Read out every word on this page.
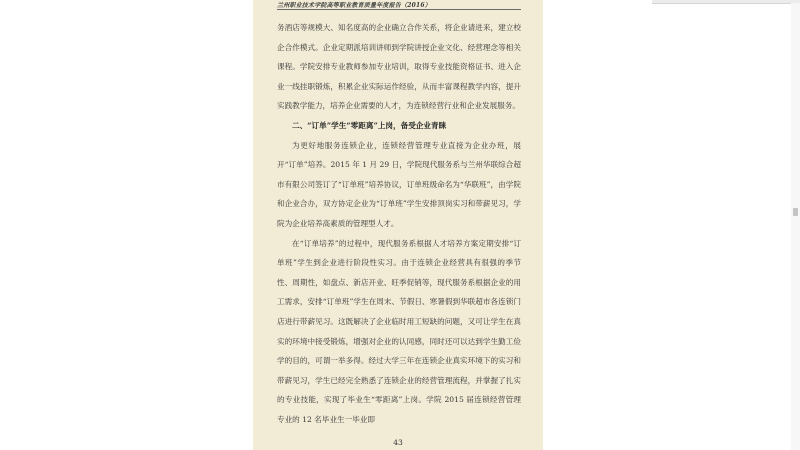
兰州职业技术学院高等职业教育质量年度报告（2016）

务酒店等规模大、知名度高的企业确立合作关系，将企业请进来，建立校企合作模式。企业定期派培训讲师到学院讲授企业文化、经营理念等相关课程。学院安排专业教师参加专业培训，取得专业技能资格证书、进入企业一线挂职锻炼，积累企业实际运作经验，从而丰富课程教学内容，提升实践教学能力，培养企业需要的人才，为连锁经营行业和企业发展服务。

二、“订单”学生“零距离”上岗，备受企业青睐

为更好地服务连锁企业，连锁经营管理专业直接为企业办班，展开“订单”培养。2015 年 1 月 29 日，学院现代服务系与兰州华联综合超市有限公司签订了“订单班”培养协议，订单班级命名为“华联班”，由学院和企业合办，双方协定企业为“订单班”学生安排顶岗实习和带薪见习，学院为企业培养高素质的管理型人才。

在“订单培养”的过程中，现代服务系根据人才培养方案定期安排“订单班”学生到企业进行阶段性实习。由于连锁企业经营具有很强的季节性、周期性，如盘点、新店开业、旺季促销等，现代服务系根据企业的用工需求，安排“订单班”学生在周末、节假日、寒暑假到华联超市各连锁门店进行带薪见习。这既解决了企业临时用工短缺的问题，又可让学生在真实的环境中接受锻炼，增强对企业的认同感，同时还可以达到学生勤工俭学的目的，可谓一举多得。经过大学三年在连锁企业真实环境下的实习和带薪见习，学生已经完全熟悉了连锁企业的经营管理流程，并掌握了扎实的专业技能，实现了毕业生“零距离”上岗。学院 2015 届连锁经营管理专业的 12 名毕业生一毕业即

43
